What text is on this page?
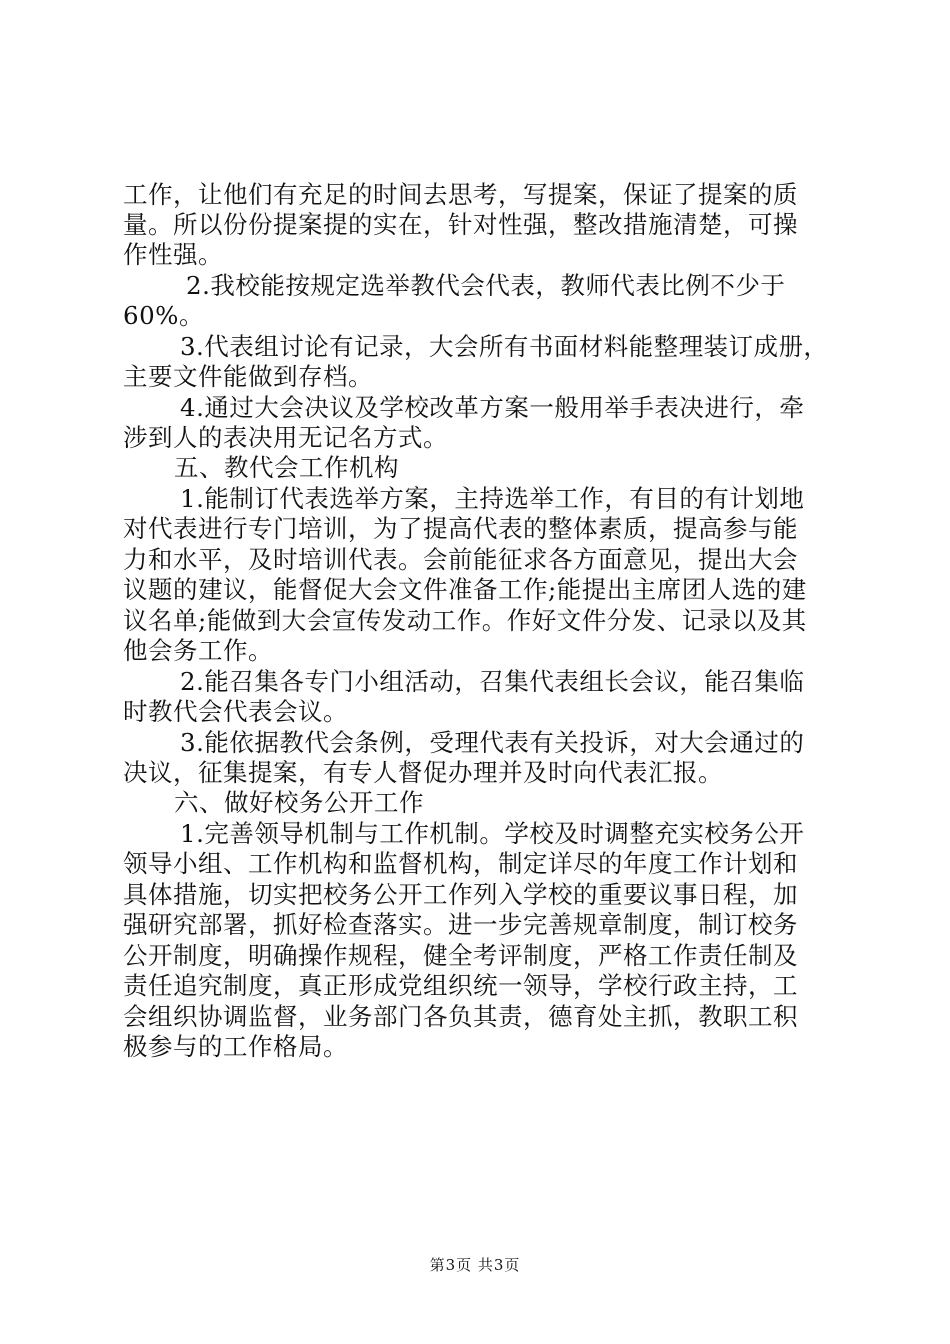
工作，让他们有充足的时间去思考，写提案，保证了提案的质
量。所以份份提案提的实在，针对性强，整改措施清楚，可操
作性强。
2.我校能按规定选举教代会代表，教师代表比例不少于
60%。
3.代表组讨论有记录，大会所有书面材料能整理装订成册，
主要文件能做到存档。
4.通过大会决议及学校改革方案一般用举手表决进行，牵
涉到人的表决用无记名方式。
五、教代会工作机构
1.能制订代表选举方案，主持选举工作，有目的有计划地
对代表进行专门培训，为了提高代表的整体素质，提高参与能
力和水平，及时培训代表。会前能征求各方面意见，提出大会
议题的建议，能督促大会文件准备工作;能提出主席团人选的建
议名单;能做到大会宣传发动工作。作好文件分发、记录以及其
他会务工作。
2.能召集各专门小组活动，召集代表组长会议，能召集临
时教代会代表会议。
3.能依据教代会条例，受理代表有关投诉，对大会通过的
决议，征集提案，有专人督促办理并及时向代表汇报。
六、做好校务公开工作
1.完善领导机制与工作机制。学校及时调整充实校务公开
领导小组、工作机构和监督机构，制定详尽的年度工作计划和
具体措施，切实把校务公开工作列入学校的重要议事日程，加
强研究部署，抓好检查落实。进一步完善规章制度，制订校务
公开制度，明确操作规程，健全考评制度，严格工作责任制及
责任追究制度，真正形成党组织统一领导，学校行政主持，工
会组织协调监督，业务部门各负其责，德育处主抓，教职工积
极参与的工作格局。
第3页 共3页
